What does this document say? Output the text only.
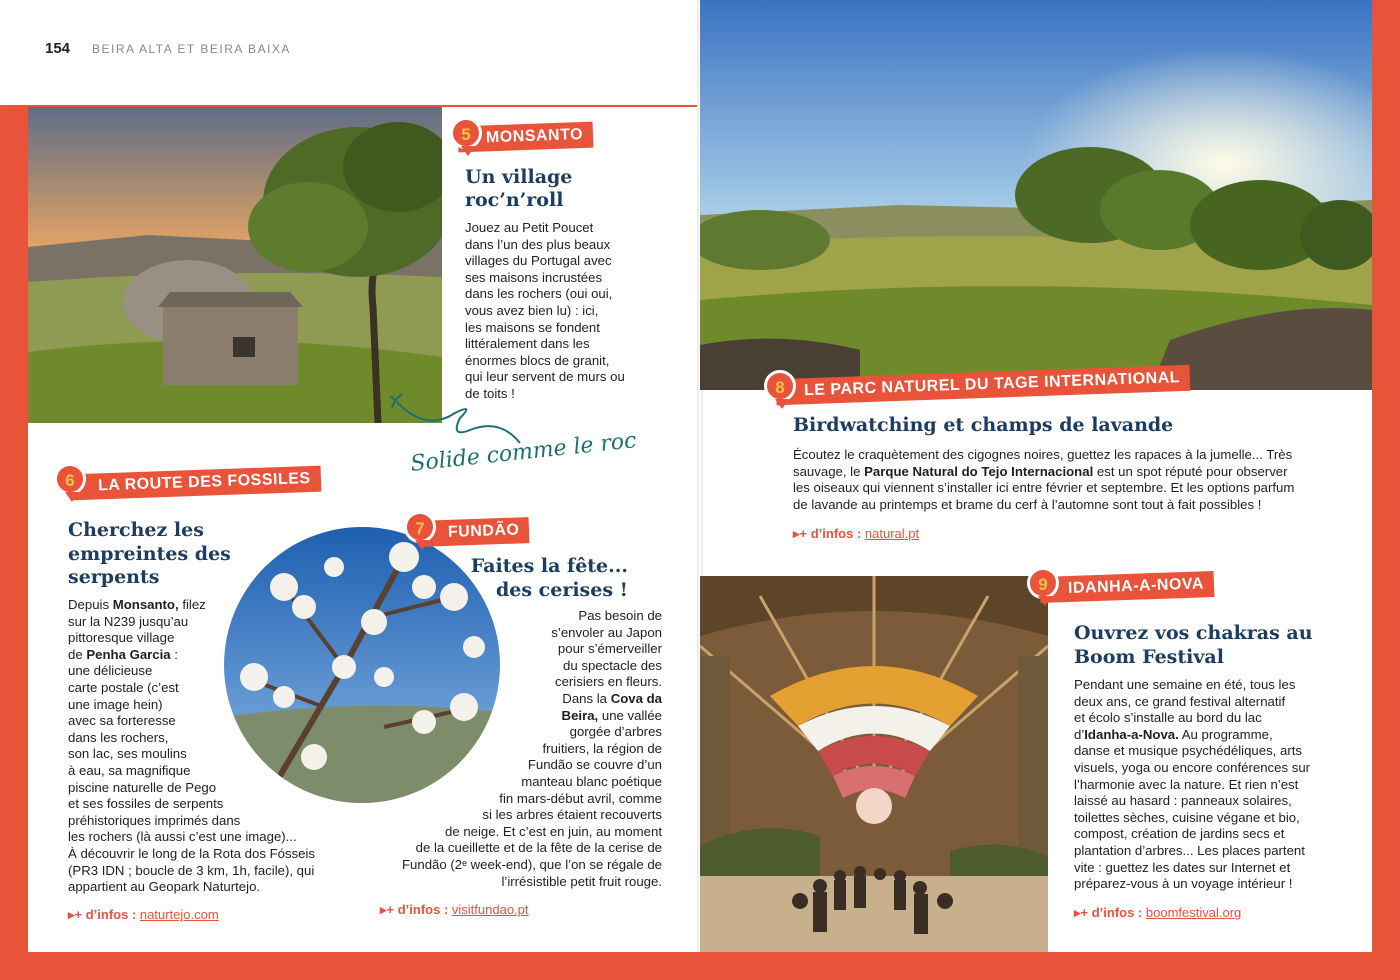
154 BEIRA ALTA ET BEIRA BAIXA
MONSANTO
5
Un village roc’n’roll
Jouez au Petit Poucet
dans l’un des plus beaux
villages du Portugal avec
ses maisons incrustées
dans les rochers (oui oui,
vous avez bien lu) : ici,
les maisons se fondent
littéralement dans les
énormes blocs de granit,
qui leur servent de murs ou
de toits !
Solide comme le roc
LA ROUTE DES FOSSILES
6
Cherchez les
empreintes des
serpents
Depuis Monsanto, filez
sur la N239 jusqu’au
pittoresque village
de Penha Garcia :
une délicieuse
carte postale (c’est
une image hein)
avec sa forteresse
dans les rochers,
son lac, ses moulins
à eau, sa magnifique
piscine naturelle de Pego
et ses fossiles de serpents
préhistoriques imprimés dans
les rochers (là aussi c’est une image)...
À découvrir le long de la Rota dos Fósseis
(PR3 IDN ; boucle de 3 km, 1h, facile), qui
appartient au Geopark Naturtejo.
▸+ d’infos : naturtejo.com
FUNDÃO
7
Faites la fête...
des cerises !
Pas besoin de
s’envoler au Japon
pour s’émerveiller
du spectacle des
cerisiers en fleurs.
Dans la Cova da
Beira, une vallée
gorgée d’arbres
fruitiers, la région de
Fundão se couvre d’un
manteau blanc poétique
fin mars-début avril, comme
si les arbres étaient recouverts
de neige. Et c’est en juin, au moment
de la cueillette et de la fête de la cerise de
Fundão (2ᵉ week-end), que l’on se régale de
l’irrésistible petit fruit rouge.
▸+ d’infos : visitfundao.pt
LE PARC NATUREL DU TAGE INTERNATIONAL
8
Birdwatching et champs de lavande
Écoutez le craquètement des cigognes noires, guettez les rapaces à la jumelle... Très
sauvage, le Parque Natural do Tejo Internacional est un spot réputé pour observer
les oiseaux qui viennent s’installer ici entre février et septembre. Et les options parfum
de lavande au printemps et brame du cerf à l’automne sont tout à fait possibles !
▸+ d’infos : natural.pt
IDANHA-A-NOVA
9
Ouvrez vos chakras au
Boom Festival
Pendant une semaine en été, tous les
deux ans, ce grand festival alternatif
et écolo s’installe au bord du lac
d’Idanha-a-Nova. Au programme,
danse et musique psychédéliques, arts
visuels, yoga ou encore conférences sur
l’harmonie avec la nature. Et rien n’est
laissé au hasard : panneaux solaires,
toilettes sèches, cuisine végane et bio,
compost, création de jardins secs et
plantation d’arbres... Les places partent
vite : guettez les dates sur Internet et
préparez-vous à un voyage intérieur !
▸+ d’infos : boomfestival.org
